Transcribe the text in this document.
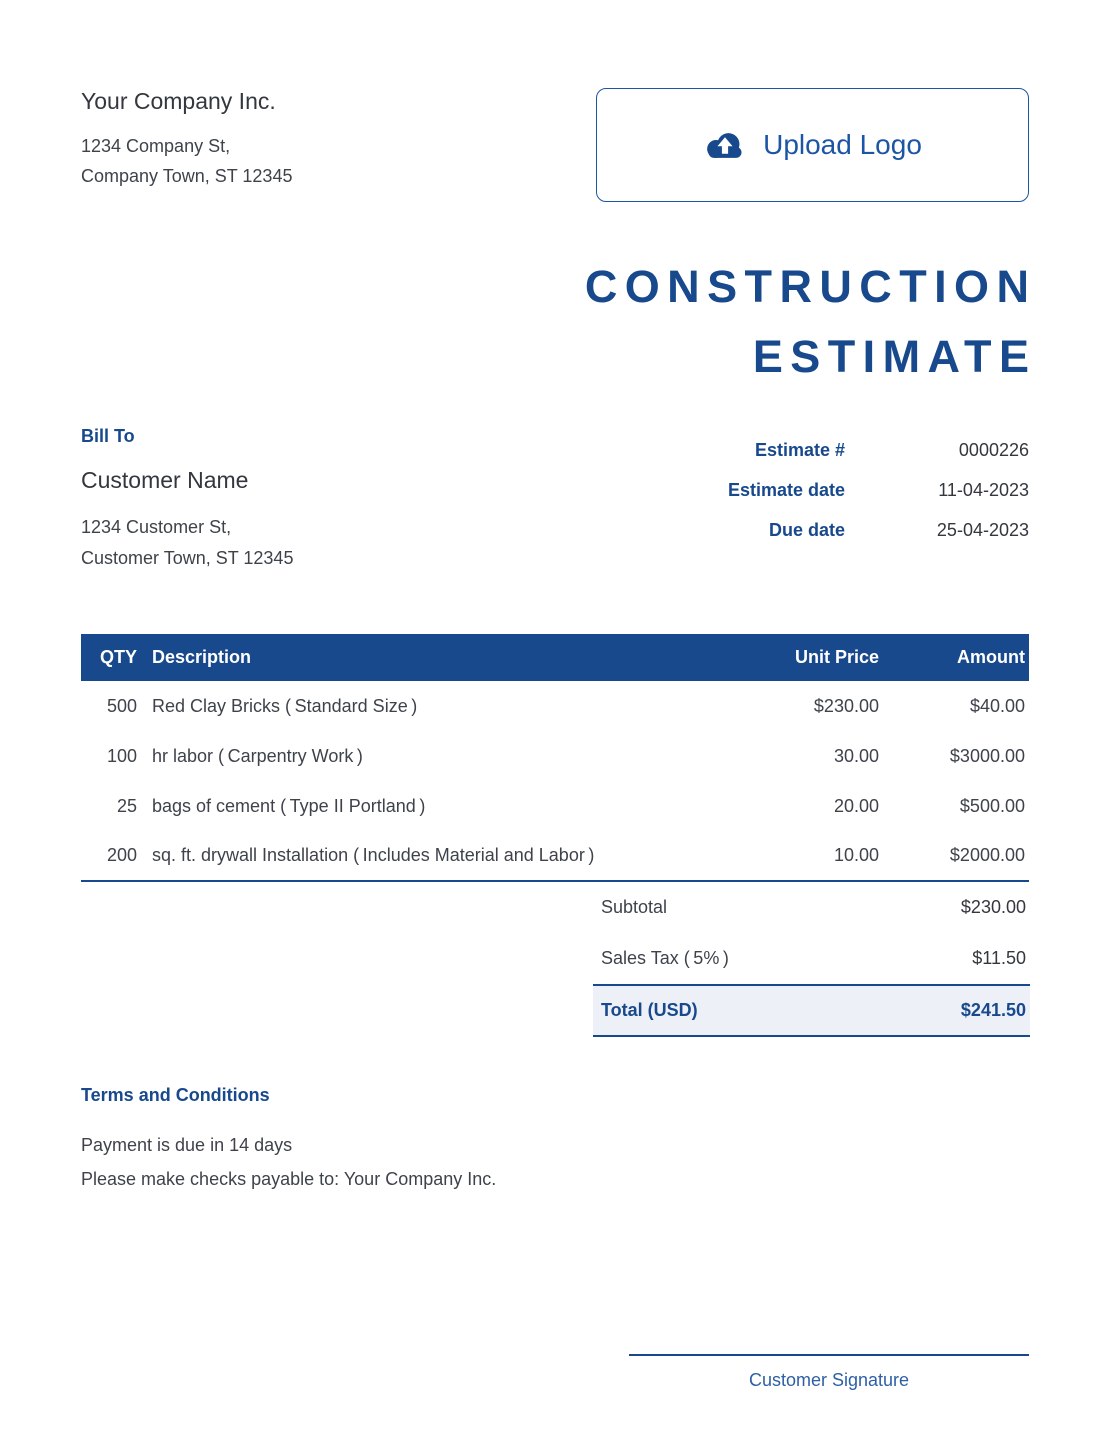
Your Company Inc.
1234 Company St,
Company Town, ST 12345
Upload Logo
CONSTRUCTION
ESTIMATE
Bill To
Customer Name
1234 Customer St,
Customer Town, ST 12345
Estimate #	0000226
Estimate date	11-04-2023
Due date	25-04-2023
QTY	Description	Unit Price	Amount
500	Red Clay Bricks ( Standard Size )	$230.00	$40.00
100	hr labor ( Carpentry Work )	30.00	$3000.00
25	bags of cement ( Type II Portland )	20.00	$500.00
200	sq. ft. drywall Installation ( Includes Material and Labor )	10.00	$2000.00
Subtotal	$230.00
Sales Tax ( 5% )	$11.50
Total (USD)	$241.50
Terms and Conditions
Payment is due in 14 days
Please make checks payable to: Your Company Inc.
Customer Signature
